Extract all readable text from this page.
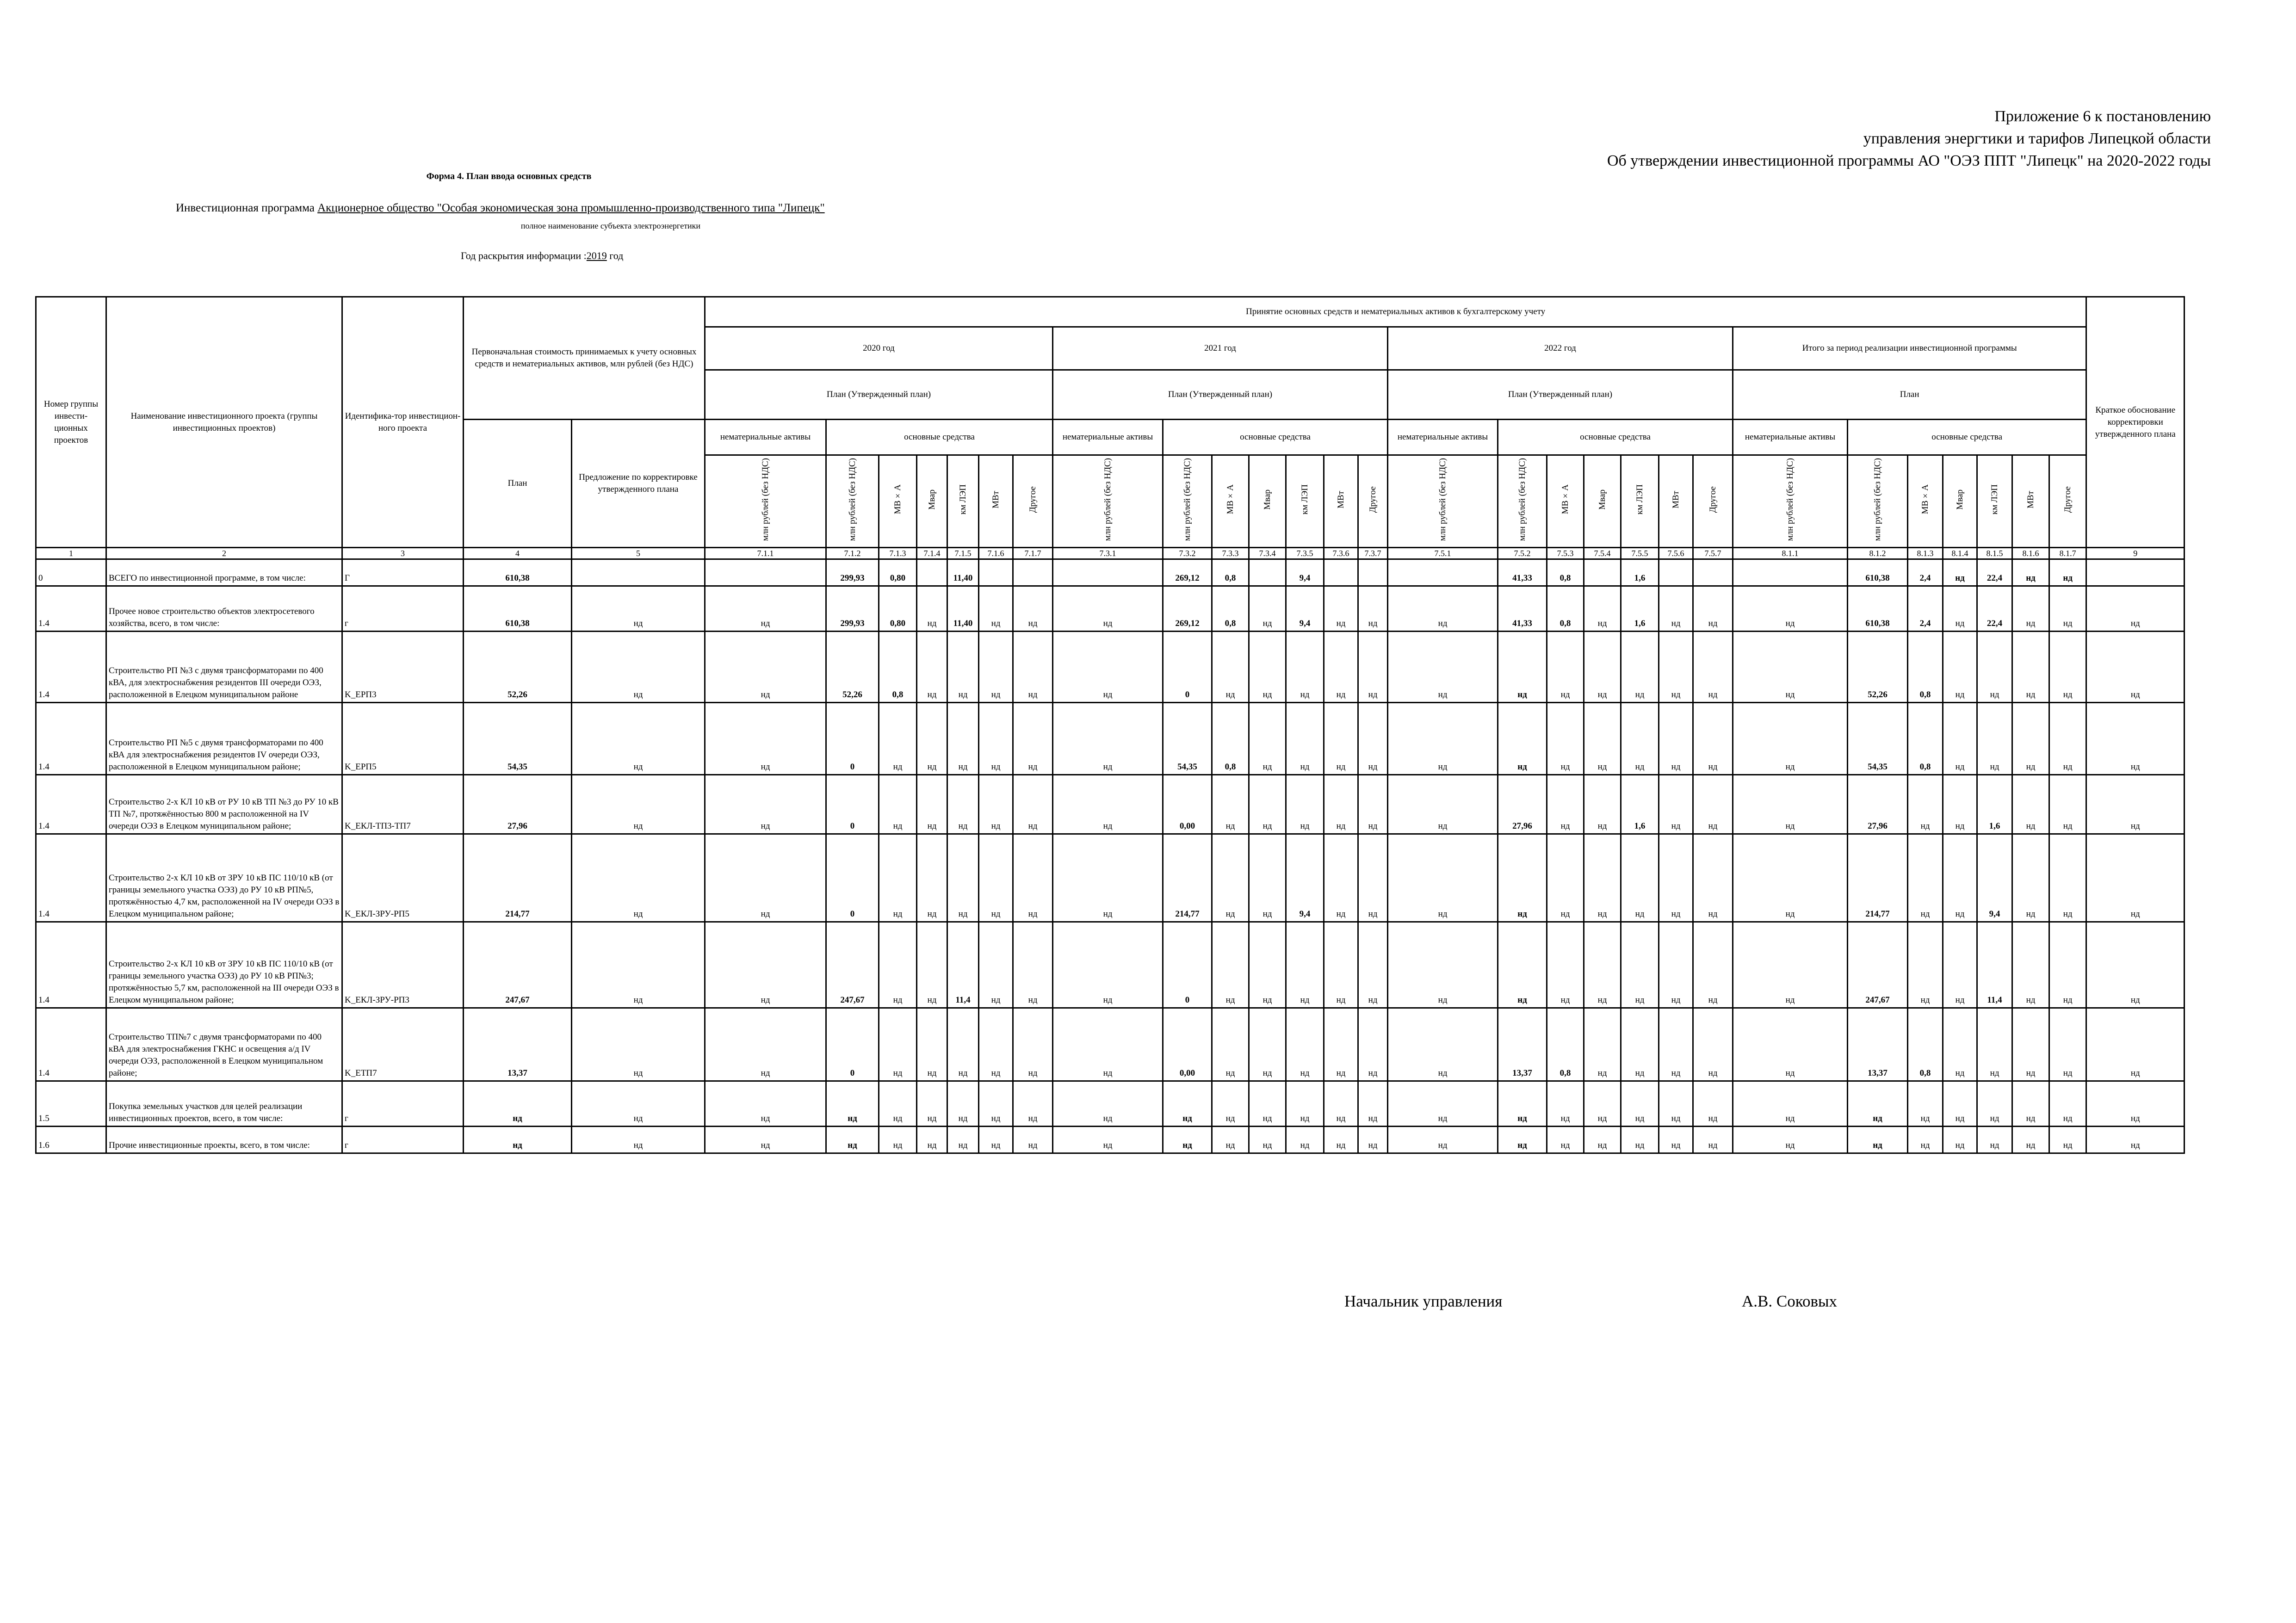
Приложение 6 к постановлению
управления энергтики и тарифов Липецкой области
Об утверждении инвестиционной программы АО "ОЭЗ ППТ "Липецк" на 2020-2022 годы
Форма 4. План ввода основных средств
Инвестиционная программа Акционерное общество "Особая экономическая зона промышленно-производственного типа "Липецк"
полное наименование субъекта электроэнергетики
Год раскрытия информации :2019 год
Номер группы инвести-ционных проектов	Наименование инвестиционного проекта (группы инвестиционных проектов)	Идентифика-тор инвестицион-ного проекта	Первоначальная стоимость принимаемых к учету основных средств и нематериальных активов, млн рублей (без НДС)		Принятие основных средств и нематериальных активов к бухгалтерскому учету																												Краткое обоснование корректировки утвержденного плана
					2020 год							2021 год							2022 год							Итого за период реализации инвестиционной программы							
					План (Утвержденный план)							План (Утвержденный план)							План (Утвержденный план)							План							
			План	Предложение по корректировке утвержденного плана	нематериальные активы	основные средства						нематериальные активы	основные средства						нематериальные активы	основные средства						нематериальные активы	основные средства						
					млн рублей (без НДС)	млн рублей (без НДС)	МВ×А	Мвар	км ЛЭП	МВт	Другое	млн рублей (без НДС)	млн рублей (без НДС)	МВ×А	Мвар	км ЛЭП	МВт	Другое	млн рублей (без НДС)	млн рублей (без НДС)	МВ×А	Мвар	км ЛЭП	МВт	Другое	млн рублей (без НДС)	млн рублей (без НДС)	МВ×А	Мвар	км ЛЭП	МВт	Другое	
1	2	3	4	5	7.1.1	7.1.2	7.1.3	7.1.4	7.1.5	7.1.6	7.1.7	7.3.1	7.3.2	7.3.3	7.3.4	7.3.5	7.3.6	7.3.7	7.5.1	7.5.2	7.5.3	7.5.4	7.5.5	7.5.6	7.5.7	8.1.1	8.1.2	8.1.3	8.1.4	8.1.5	8.1.6	8.1.7	9
0	ВСЕГО по инвестиционной программе, в том числе:	Г	610,38			299,93	0,80		11,40				269,12	0,8		9,4				41,33	0,8		1,6				610,38	2,4	нд	22,4	нд	нд	
1.4	Прочее новое строительство объектов электросетевого хозяйства, всего, в том числе:	г	610,38	нд	нд	299,93	0,80	нд	11,40	нд	нд	нд	269,12	0,8	нд	9,4	нд	нд	нд	41,33	0,8	нд	1,6	нд	нд	нд	610,38	2,4	нд	22,4	нд	нд	нд
1.4	Строительство РП №3 с двумя трансформаторами по 400 кВА, для электроснабжения резидентов III очереди ОЭЗ, расположенной в Елецком муниципальном районе	K_ЕРП3	52,26	нд	нд	52,26	0,8	нд	нд	нд	нд	нд	0	нд	нд	нд	нд	нд	нд	нд	нд	нд	нд	нд	нд	нд	52,26	0,8	нд	нд	нд	нд	нд
1.4	Строительство РП №5 с двумя трансформаторами по 400 кВА для электроснабжения резидентов IV очереди ОЭЗ, расположенной в Елецком муниципальном районе;	K_ЕРП5	54,35	нд	нд	0	нд	нд	нд	нд	нд	нд	54,35	0,8	нд	нд	нд	нд	нд	нд	нд	нд	нд	нд	нд	нд	54,35	0,8	нд	нд	нд	нд	нд
1.4	Строительство 2-х КЛ 10 кВ от РУ 10 кВ ТП №3 до РУ 10 кВ ТП №7, протяжённостью 800 м расположенной на IV очереди ОЭЗ в Елецком муниципальном районе;	K_ЕКЛ-ТП3-ТП7	27,96	нд	нд	0	нд	нд	нд	нд	нд	нд	0,00	нд	нд	нд	нд	нд	нд	27,96	нд	нд	1,6	нд	нд	нд	27,96	нд	нд	1,6	нд	нд	нд
1.4	Строительство 2-х КЛ 10 кВ от ЗРУ 10 кВ ПС 110/10 кВ (от границы земельного участка ОЭЗ) до РУ 10 кВ РП№5, протяжённостью 4,7 км, расположенной на IV очереди ОЭЗ в Елецком муниципальном районе;	K_ЕКЛ-ЗРУ-РП5	214,77	нд	нд	0	нд	нд	нд	нд	нд	нд	214,77	нд	нд	9,4	нд	нд	нд	нд	нд	нд	нд	нд	нд	нд	214,77	нд	нд	9,4	нд	нд	нд
1.4	Строительство 2-х КЛ 10 кВ от ЗРУ 10 кВ ПС 110/10 кВ (от границы земельного участка ОЭЗ) до РУ 10 кВ РП№3; протяжённостью 5,7 км, расположенной на III очереди ОЭЗ в Елецком муниципальном районе;	K_ЕКЛ-ЗРУ-РП3	247,67	нд	нд	247,67	нд	нд	11,4	нд	нд	нд	0	нд	нд	нд	нд	нд	нд	нд	нд	нд	нд	нд	нд	нд	247,67	нд	нд	11,4	нд	нд	нд
1.4	Строительство ТП№7 с двумя трансформаторами по 400 кВА для электроснабжения ГКНС и освещения а/д IV очереди ОЭЗ, расположенной в Елецком муниципальном районе;	K_ЕТП7	13,37	нд	нд	0	нд	нд	нд	нд	нд	нд	0,00	нд	нд	нд	нд	нд	нд	13,37	0,8	нд	нд	нд	нд	нд	13,37	0,8	нд	нд	нд	нд	нд
1.5	Покупка земельных участков для целей реализации инвестиционных проектов, всего, в том числе:	г	нд	нд	нд	нд	нд	нд	нд	нд	нд	нд	нд	нд	нд	нд	нд	нд	нд	нд	нд	нд	нд	нд	нд	нд	нд	нд	нд	нд	нд	нд	нд
1.6	Прочие инвестиционные проекты, всего, в том числе:	г	нд	нд	нд	нд	нд	нд	нд	нд	нд	нд	нд	нд	нд	нд	нд	нд	нд	нд	нд	нд	нд	нд	нд	нд	нд	нд	нд	нд	нд	нд	нд
Начальник управления	А.В. Соковых
